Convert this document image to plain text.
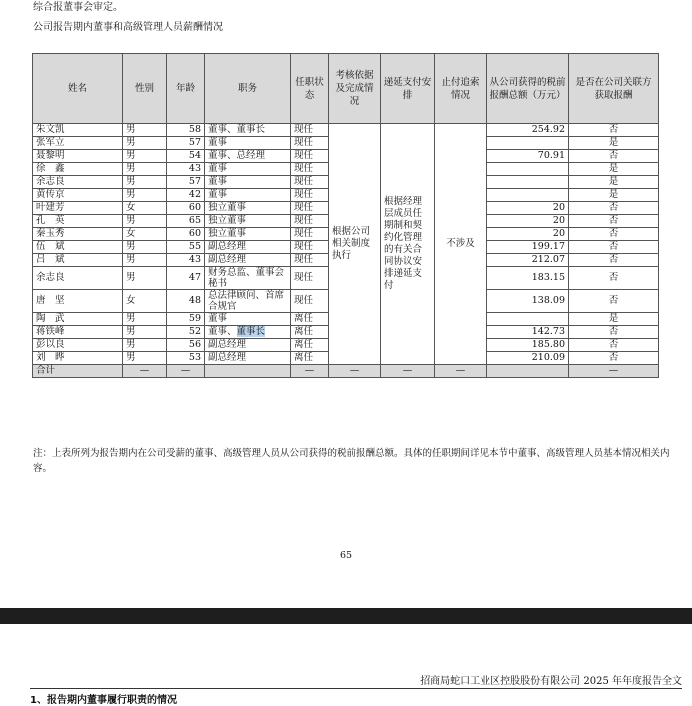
综合报董事会审定。
公司报告期内董事和高级管理人员薪酬情况
姓名	性别	年龄	职务	任职状态	考核依据及完成情况	递延支付安排	止付追索情况	从公司获得的税前报酬总额（万元）	是否在公司关联方获取报酬
朱文凯	男	58	董事、董事长	现任	根据公司相关制度执行	根据经理层成员任期制和契约化管理的有关合同协议安排递延支付	不涉及	254.92	否
张军立	男	57	董事	现任					是
聂黎明	男	54	董事、总经理	现任				70.91	否
徐　鑫	男	43	董事	现任					是
余志良	男	57	董事	现任					是
黄传京	男	42	董事	现任					是
叶建芳	女	60	独立董事	现任				20	否
孔　英	男	65	独立董事	现任				20	否
秦玉秀	女	60	独立董事	现任				20	否
伍　斌	男	55	副总经理	现任				199.17	否
吕　斌	男	43	副总经理	现任				212.07	否
余志良	男	47	财务总监、董事会秘书	现任				183.15	否
唐　坚	女	48	总法律顾问、首席合规官	现任				138.09	否
陶　武	男	59	董事	离任					是
蒋铁峰	男	52	董事、董事长	离任				142.73	否
彭以良	男	56	副总经理	离任				185.80	否
刘　晔	男	53	副总经理	离任				210.09	否
合计	—	—		—	—	—	—		—
注：上表所列为报告期内在公司受薪的董事、高级管理人员从公司获得的税前报酬总额。具体的任职期间详见本节中董事、高级管理人员基本情况相关内容。
65
招商局蛇口工业区控股股份有限公司 2025 年年度报告全文
1、报告期内董事履行职责的情况
